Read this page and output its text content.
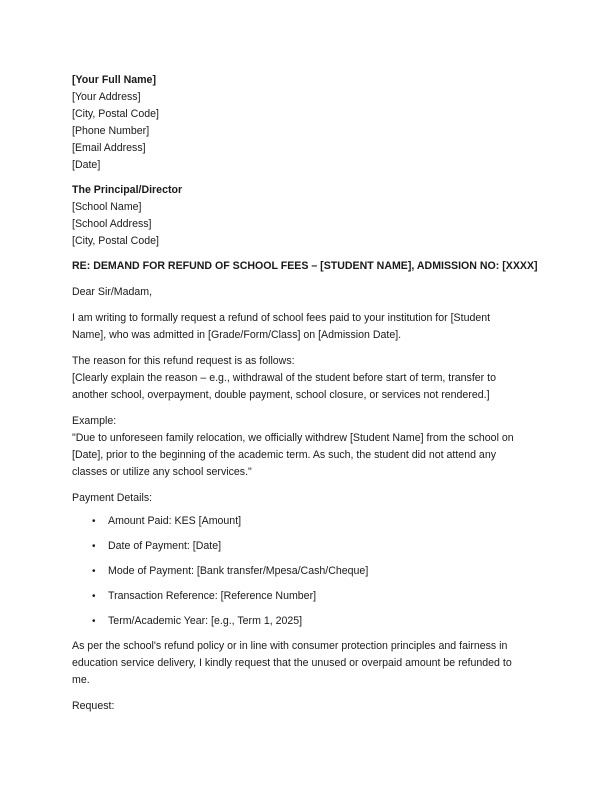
[Your Full Name]
[Your Address]
[City, Postal Code]
[Phone Number]
[Email Address]
[Date]
The Principal/Director
[School Name]
[School Address]
[City, Postal Code]
RE: DEMAND FOR REFUND OF SCHOOL FEES – [STUDENT NAME], ADMISSION NO: [XXXX]
Dear Sir/Madam,
I am writing to formally request a refund of school fees paid to your institution for [Student
Name], who was admitted in [Grade/Form/Class] on [Admission Date].
The reason for this refund request is as follows:
[Clearly explain the reason – e.g., withdrawal of the student before start of term, transfer to
another school, overpayment, double payment, school closure, or services not rendered.]
Example:
"Due to unforeseen family relocation, we officially withdrew [Student Name] from the school on
[Date], prior to the beginning of the academic term. As such, the student did not attend any
classes or utilize any school services."
Payment Details:
• Amount Paid: KES [Amount]
• Date of Payment: [Date]
• Mode of Payment: [Bank transfer/Mpesa/Cash/Cheque]
• Transaction Reference: [Reference Number]
• Term/Academic Year: [e.g., Term 1, 2025]
As per the school's refund policy or in line with consumer protection principles and fairness in
education service delivery, I kindly request that the unused or overpaid amount be refunded to
me.
Request:
